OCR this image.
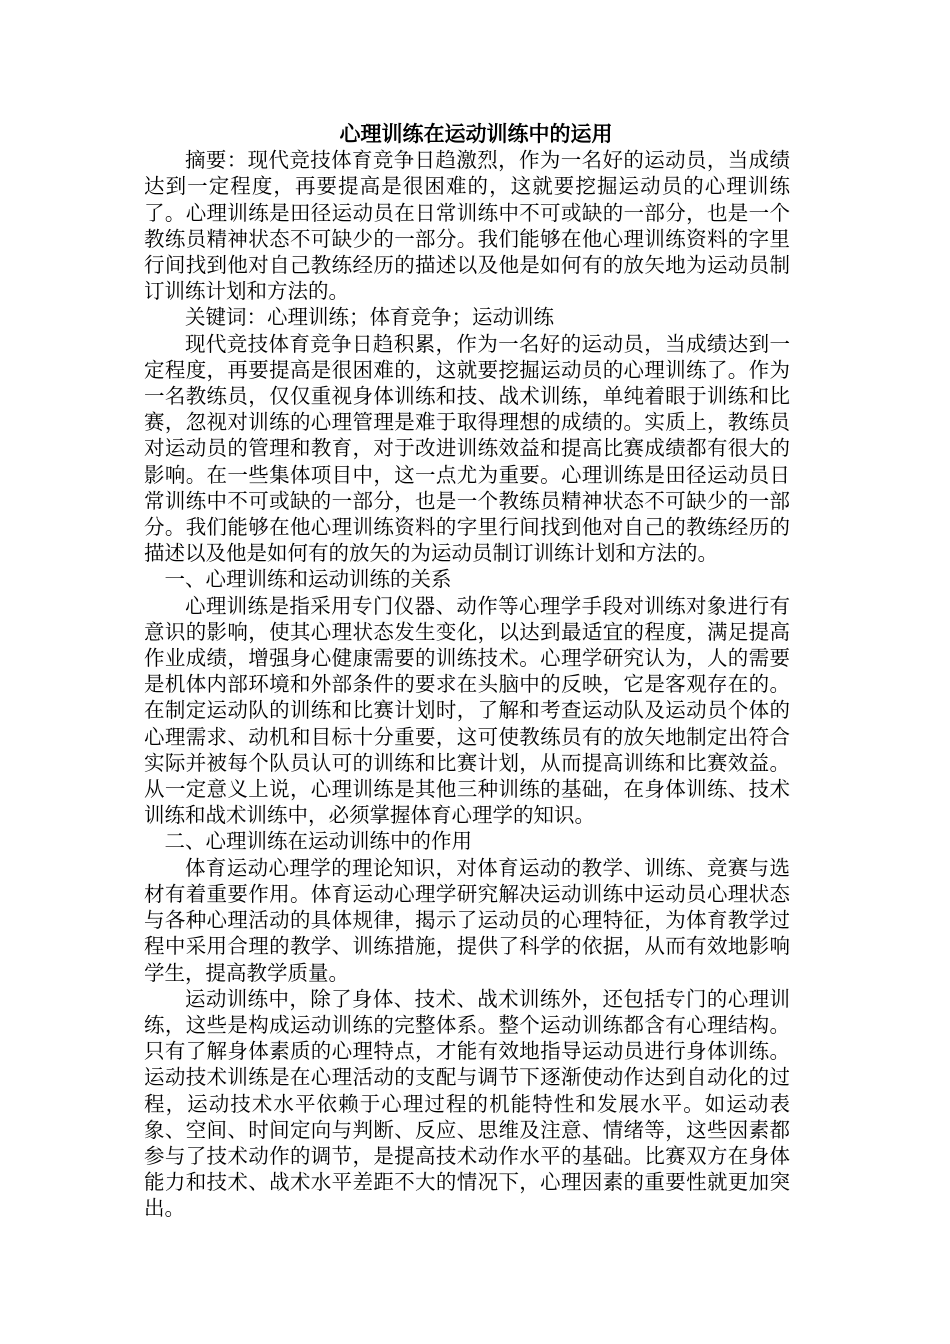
心理训练在运动训练中的运用

摘要：现代竞技体育竞争日趋激烈，作为一名好的运动员，当成绩达到一定程度，再要提高是很困难的，这就要挖掘运动员的心理训练了。心理训练是田径运动员在日常训练中不可或缺的一部分，也是一个教练员精神状态不可缺少的一部分。我们能够在他心理训练资料的字里行间找到他对自己教练经历的描述以及他是如何有的放矢地为运动员制订训练计划和方法的。

关键词：心理训练；体育竞争；运动训练

现代竞技体育竞争日趋积累，作为一名好的运动员，当成绩达到一定程度，再要提高是很困难的，这就要挖掘运动员的心理训练了。作为一名教练员，仅仅重视身体训练和技、战术训练，单纯着眼于训练和比赛，忽视对训练的心理管理是难于取得理想的成绩的。实质上，教练员对运动员的管理和教育，对于改进训练效益和提高比赛成绩都有很大的影响。在一些集体项目中，这一点尤为重要。心理训练是田径运动员日常训练中不可或缺的一部分，也是一个教练员精神状态不可缺少的一部分。我们能够在他心理训练资料的字里行间找到他对自己的教练经历的描述以及他是如何有的放矢的为运动员制订训练计划和方法的。

一、心理训练和运动训练的关系

心理训练是指采用专门仪器、动作等心理学手段对训练对象进行有意识的影响，使其心理状态发生变化，以达到最适宜的程度，满足提高作业成绩，增强身心健康需要的训练技术。心理学研究认为，人的需要是机体内部环境和外部条件的要求在头脑中的反映，它是客观存在的。在制定运动队的训练和比赛计划时，了解和考查运动队及运动员个体的心理需求、动机和目标十分重要，这可使教练员有的放矢地制定出符合实际并被每个队员认可的训练和比赛计划，从而提高训练和比赛效益。从一定意义上说，心理训练是其他三种训练的基础，在身体训练、技术训练和战术训练中，必须掌握体育心理学的知识。

二、心理训练在运动训练中的作用

体育运动心理学的理论知识，对体育运动的教学、训练、竞赛与选材有着重要作用。体育运动心理学研究解决运动训练中运动员心理状态与各种心理活动的具体规律，揭示了运动员的心理特征，为体育教学过程中采用合理的教学、训练措施，提供了科学的依据，从而有效地影响学生，提高教学质量。

运动训练中，除了身体、技术、战术训练外，还包括专门的心理训练，这些是构成运动训练的完整体系。整个运动训练都含有心理结构。只有了解身体素质的心理特点，才能有效地指导运动员进行身体训练。运动技术训练是在心理活动的支配与调节下逐渐使动作达到自动化的过程，运动技术水平依赖于心理过程的机能特性和发展水平。如运动表象、空间、时间定向与判断、反应、思维及注意、情绪等，这些因素都参与了技术动作的调节，是提高技术动作水平的基础。比赛双方在身体能力和技术、战术水平差距不大的情况下，心理因素的重要性就更加突出。
